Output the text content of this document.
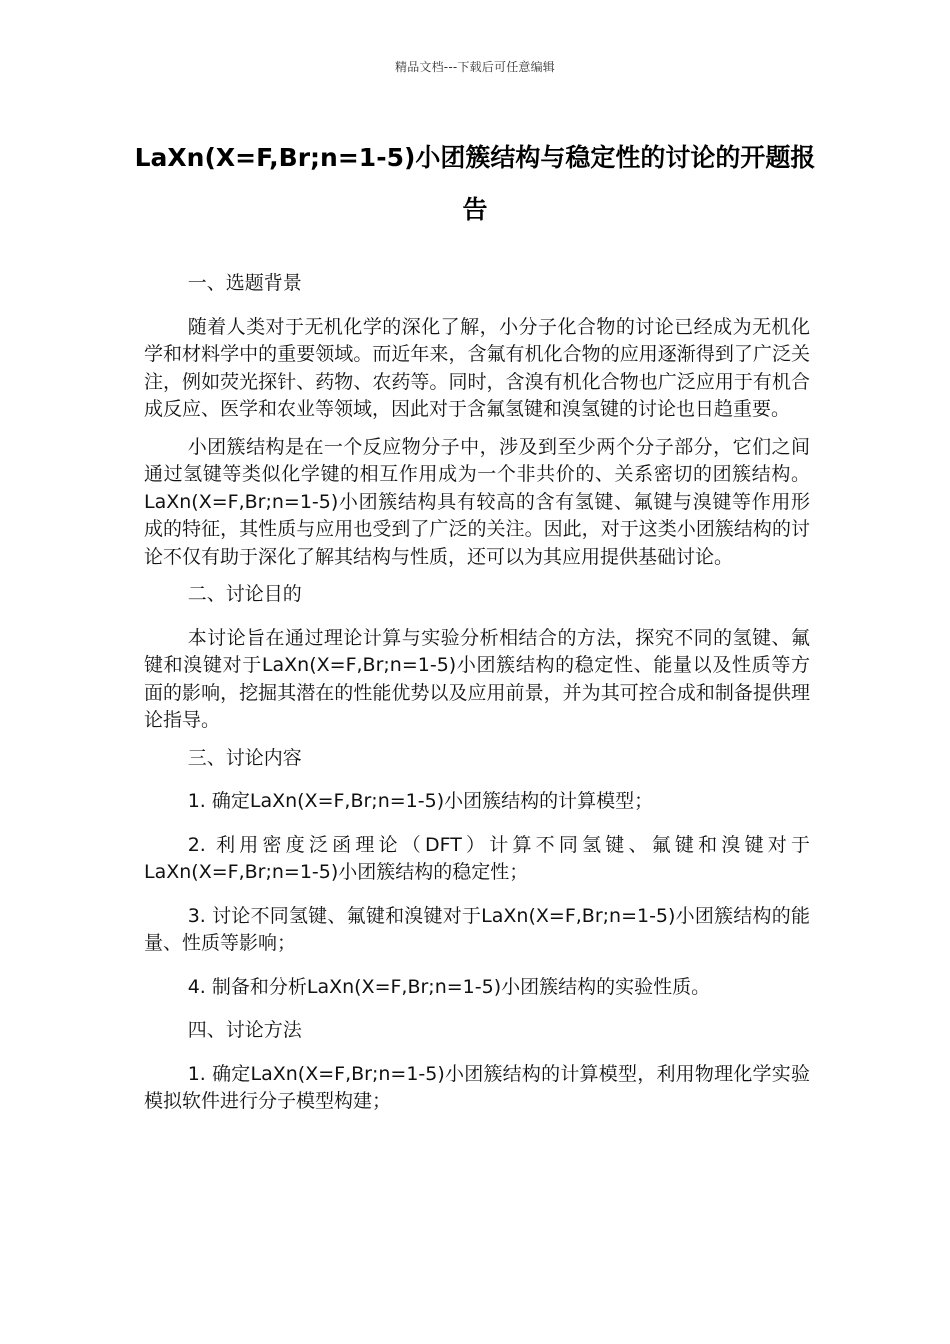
精品文档---下载后可任意编辑
LaXn(X=F,Br;n=1-5)小团簇结构与稳定性的讨论的开题报告

一、选题背景

随着人类对于无机化学的深化了解，小分子化合物的讨论已经成为无机化学和材料学中的重要领域。而近年来，含氟有机化合物的应用逐渐得到了广泛关注，例如荧光探针、药物、农药等。同时，含溴有机化合物也广泛应用于有机合成反应、医学和农业等领域，因此对于含氟氢键和溴氢键的讨论也日趋重要。

小团簇结构是在一个反应物分子中，涉及到至少两个分子部分，它们之间通过氢键等类似化学键的相互作用成为一个非共价的、关系密切的团簇结构。LaXn(X=F,Br;n=1-5)小团簇结构具有较高的含有氢键、氟键与溴键等作用形成的特征，其性质与应用也受到了广泛的关注。因此，对于这类小团簇结构的讨论不仅有助于深化了解其结构与性质，还可以为其应用提供基础讨论。

二、讨论目的

本讨论旨在通过理论计算与实验分析相结合的方法，探究不同的氢键、氟键和溴键对于LaXn(X=F,Br;n=1-5)小团簇结构的稳定性、能量以及性质等方面的影响，挖掘其潜在的性能优势以及应用前景，并为其可控合成和制备提供理论指导。

三、讨论内容

1. 确定LaXn(X=F,Br;n=1-5)小团簇结构的计算模型；

2. 利用密度泛函理论（DFT）计算不同氢键、氟键和溴键对于LaXn(X=F,Br;n=1-5)小团簇结构的稳定性；

3. 讨论不同氢键、氟键和溴键对于LaXn(X=F,Br;n=1-5)小团簇结构的能量、性质等影响；

4. 制备和分析LaXn(X=F,Br;n=1-5)小团簇结构的实验性质。

四、讨论方法

1. 确定LaXn(X=F,Br;n=1-5)小团簇结构的计算模型，利用物理化学实验模拟软件进行分子模型构建；
